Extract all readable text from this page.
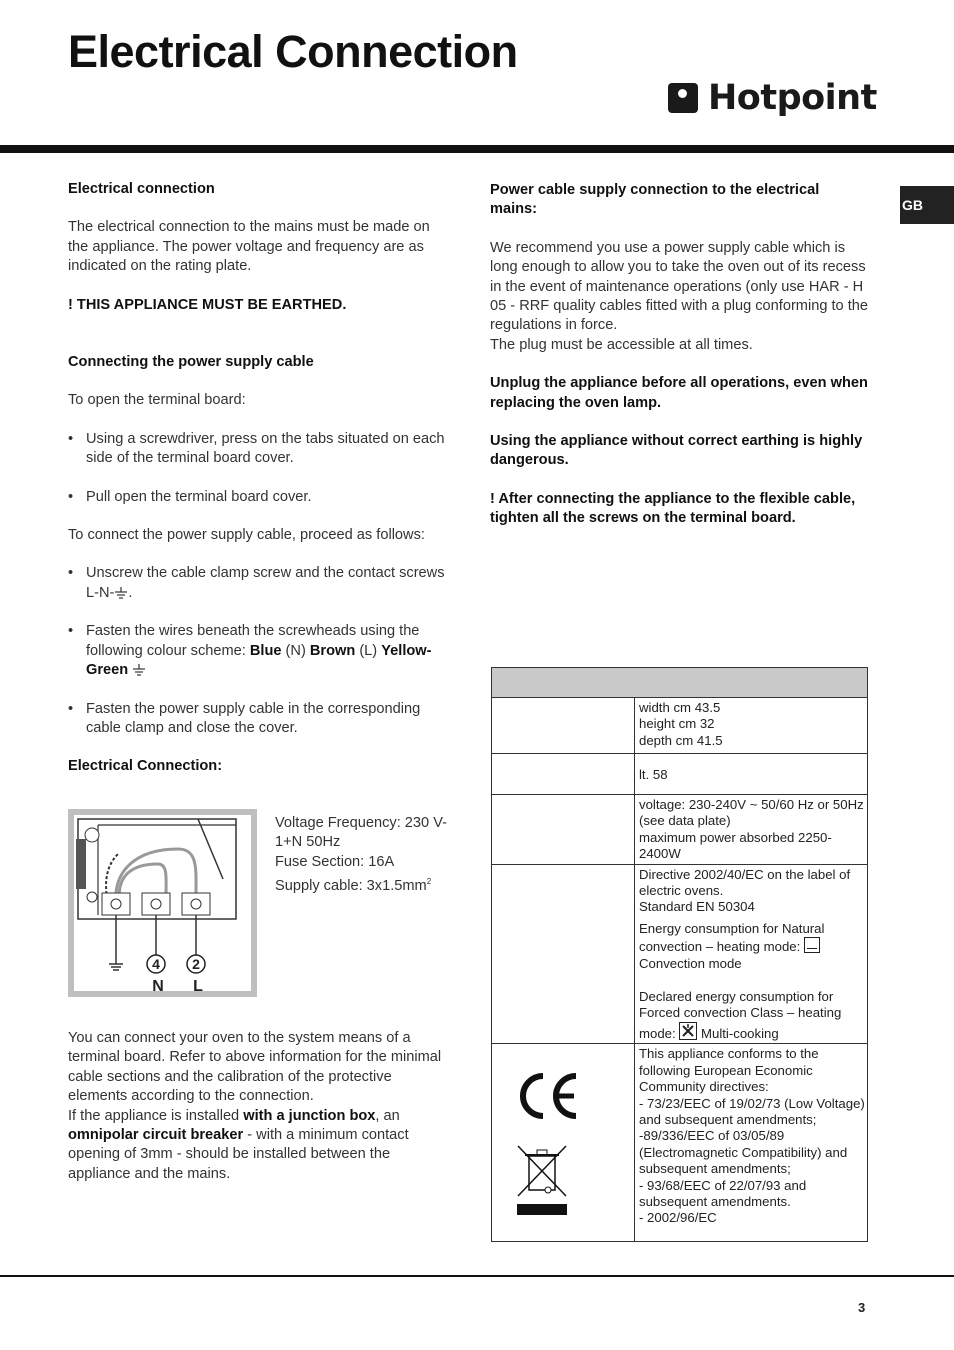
Electrical Connection
Hotpoint
GB

Electrical connection

The electrical connection to the mains must be made on the appliance. The power voltage and frequency are as indicated on the rating plate.

! THIS APPLIANCE MUST BE EARTHED.

Connecting the power supply cable

To open the terminal board:

• Using a screwdriver, press on the tabs situated on each side of the terminal board cover.

• Pull open the terminal board cover.

To connect the power supply cable, proceed as follows:

• Unscrew the cable clamp screw and the contact screws L-N- .

• Fasten the wires beneath the screwheads using the following colour scheme: Blue (N) Brown (L) Yellow-Green

• Fasten the power supply cable in the corresponding cable clamp and close the cover.

Electrical Connection:

4 2
N L

Voltage Frequency: 230 V-1+N 50Hz

Fuse Section: 16A

Supply cable: $3x1.5mm^2$

You can connect your oven to the system means of a terminal board. Refer to above information for the minimal cable sections and the calibration of the protective elements according to the connection.

If the appliance is installed with a junction box, an omnipolar circuit breaker - with a minimum contact opening of 3mm - should be installed between the appliance and the mains.

Power cable supply connection to the electrical mains:

We recommend you use a power supply cable which is long enough to allow you to take the oven out of its recess in the event of maintenance operations (only use HAR - H 05 - RRF quality cables fitted with a plug conforming to the regulations in force.

The plug must be accessible at all times.

Unplug the appliance before all operations, even when replacing the oven lamp.

Using the appliance without correct earthing is highly dangerous.

! After connecting the appliance to the flexible cable, tighten all the screws on the terminal board.

	width cm 43.5
height cm 32
depth cm 41.5

	lt. 58

	voltage: 230-240V ~ 50/60 Hz or 50Hz (see data plate)
maximum power absorbed 2250-2400W

	Directive 2002/40/EC on the label of electric ovens.
Standard EN 50304
Energy consumption for Natural convection – heating mode:
Convection mode
Declared energy consumption for Forced convection Class – heating mode: Multi-cooking

This appliance conforms to the following European Economic Community directives:
- 73/23/EEC of 19/02/73 (Low Voltage) and subsequent amendments;
-89/336/EEC of 03/05/89 (Electromagnetic Compatibility) and subsequent amendments;
- 93/68/EEC of 22/07/93 and subsequent amendments.
- 2002/96/EC
3
